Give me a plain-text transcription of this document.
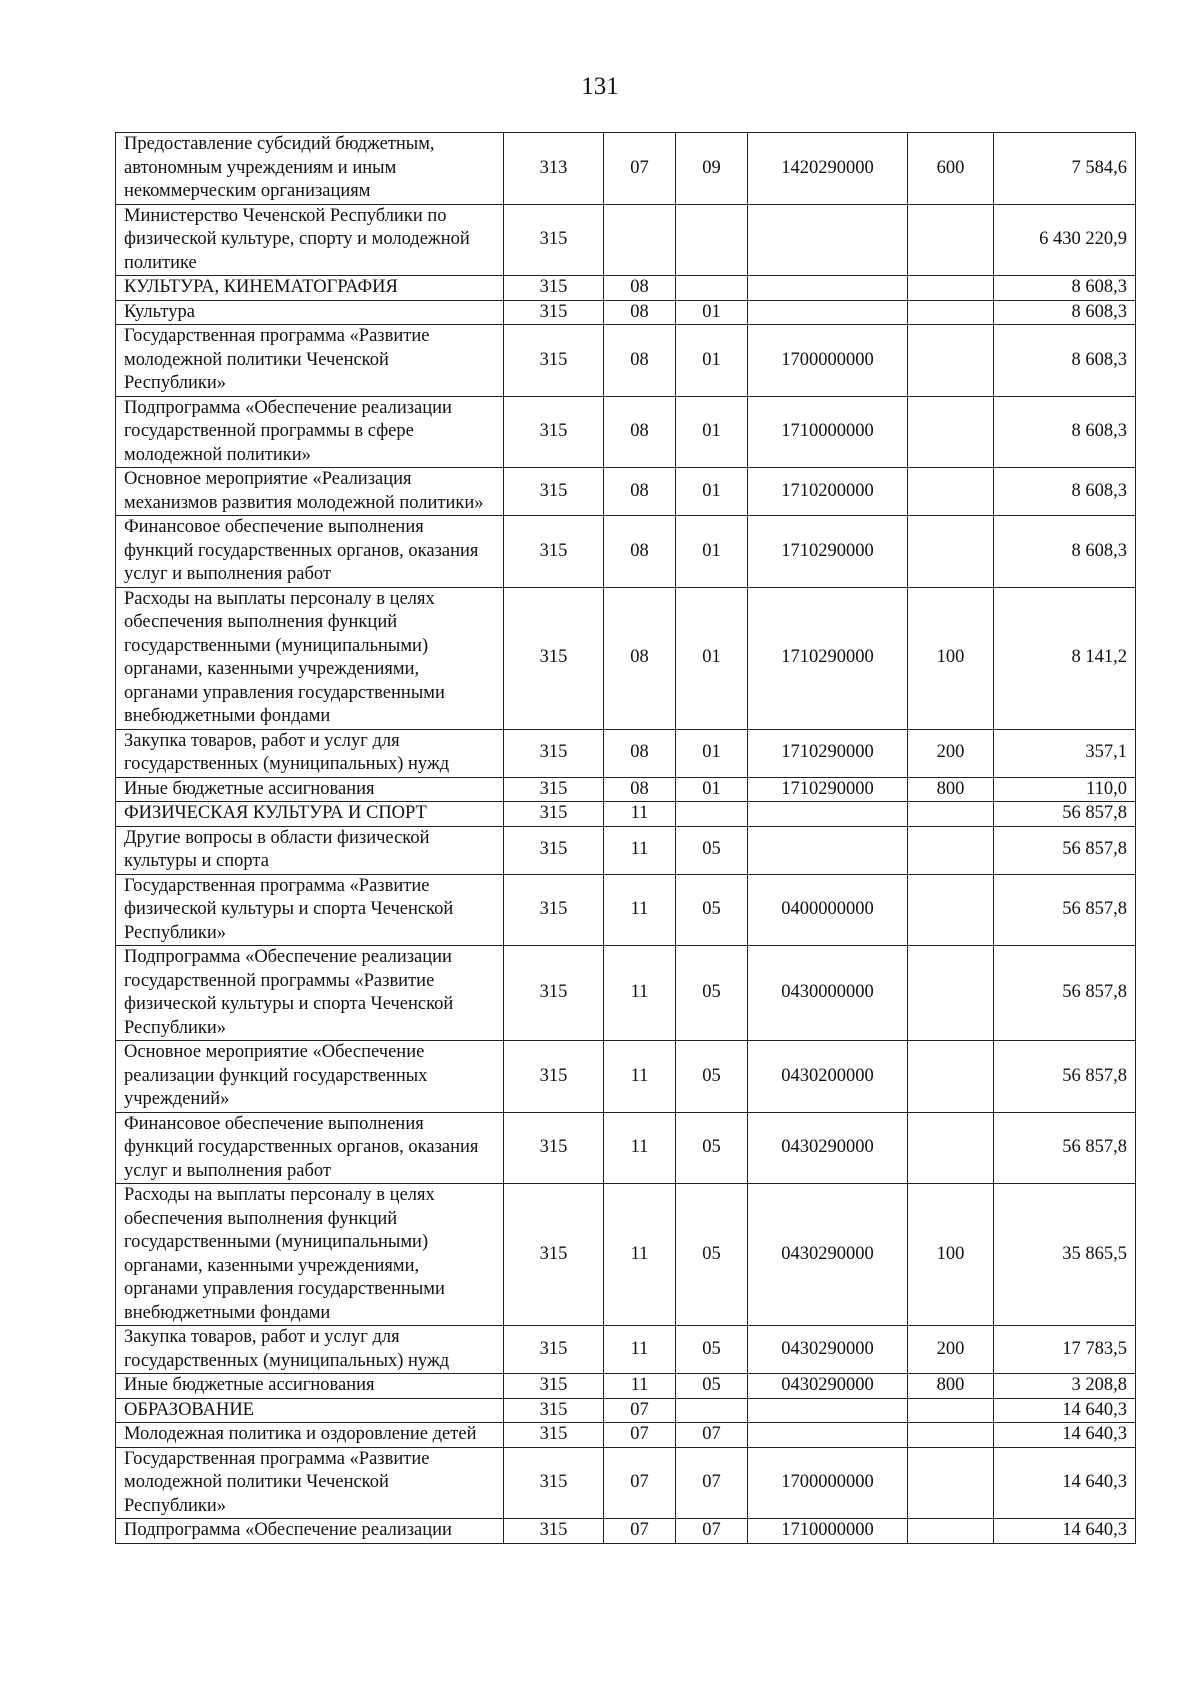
131
Предоставление субсидий бюджетным, автономным учреждениям и иным некоммерческим организациям	313	07	09	1420290000	600	7 584,6
Министерство Чеченской Республики по физической культуре, спорту и молодежной политике	315					6 430 220,9
КУЛЬТУРА, КИНЕМАТОГРАФИЯ	315	08				8 608,3
Культура	315	08	01			8 608,3
Государственная программа «Развитие молодежной политики Чеченской Республики»	315	08	01	1700000000		8 608,3
Подпрограмма «Обеспечение реализации государственной программы в сфере молодежной политики»	315	08	01	1710000000		8 608,3
Основное мероприятие «Реализация механизмов развития молодежной политики»	315	08	01	1710200000		8 608,3
Финансовое обеспечение выполнения функций государственных органов, оказания услуг и выполнения работ	315	08	01	1710290000		8 608,3
Расходы на выплаты персоналу в целях обеспечения выполнения функций государственными (муниципальными) органами, казенными учреждениями, органами управления государственными внебюджетными фондами	315	08	01	1710290000	100	8 141,2
Закупка товаров, работ и услуг для государственных (муниципальных) нужд	315	08	01	1710290000	200	357,1
Иные бюджетные ассигнования	315	08	01	1710290000	800	110,0
ФИЗИЧЕСКАЯ КУЛЬТУРА И СПОРТ	315	11				56 857,8
Другие вопросы в области физической культуры и спорта	315	11	05			56 857,8
Государственная программа «Развитие физической культуры и спорта Чеченской Республики»	315	11	05	0400000000		56 857,8
Подпрограмма «Обеспечение реализации государственной программы «Развитие физической культуры и спорта Чеченской Республики»	315	11	05	0430000000		56 857,8
Основное мероприятие «Обеспечение реализации функций государственных учреждений»	315	11	05	0430200000		56 857,8
Финансовое обеспечение выполнения функций государственных органов, оказания услуг и выполнения работ	315	11	05	0430290000		56 857,8
Расходы на выплаты персоналу в целях обеспечения выполнения функций государственными (муниципальными) органами, казенными учреждениями, органами управления государственными внебюджетными фондами	315	11	05	0430290000	100	35 865,5
Закупка товаров, работ и услуг для государственных (муниципальных) нужд	315	11	05	0430290000	200	17 783,5
Иные бюджетные ассигнования	315	11	05	0430290000	800	3 208,8
ОБРАЗОВАНИЕ	315	07				14 640,3
Молодежная политика и оздоровление детей	315	07	07			14 640,3
Государственная программа «Развитие молодежной политики Чеченской Республики»	315	07	07	1700000000		14 640,3
Подпрограмма «Обеспечение реализации	315	07	07	1710000000		14 640,3
